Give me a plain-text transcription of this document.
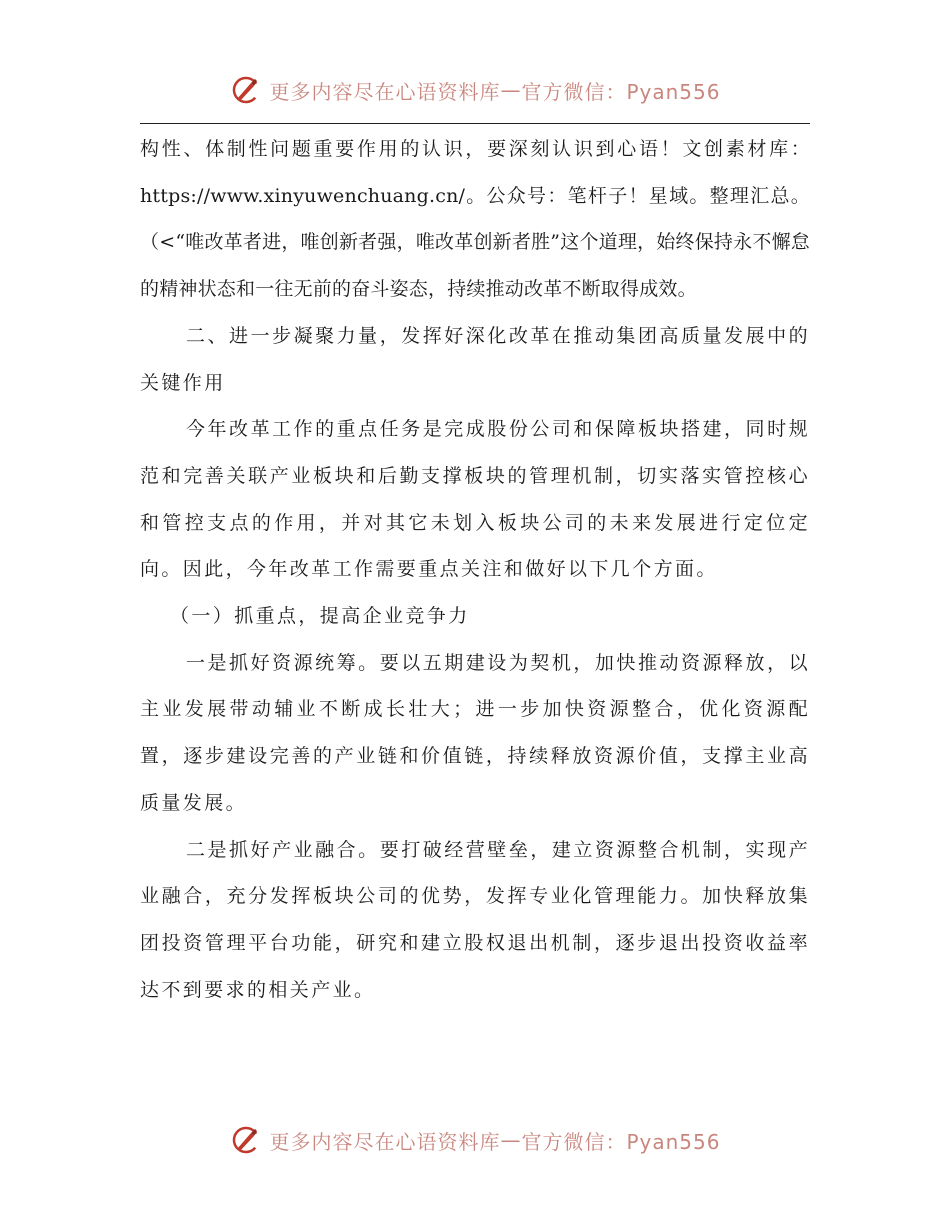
更多内容尽在心语资料库 — 官方微信：Pyan556

构性、体制性问题重要作用的认识，要深刻认识到心语！文创素材库：https://www.xinyuwenchuang.cn/。公众号：笔杆子！星域。整理汇总。（<“唯改革者进，唯创新者强，唯改革创新者胜”这个道理，始终保持永不懈怠的精神状态和一往无前的奋斗姿态，持续推动改革不断取得成效。

二、进一步凝聚力量，发挥好深化改革在推动集团高质量发展中的关键作用

今年改革工作的重点任务是完成股份公司和保障板块搭建，同时规范和完善关联产业板块和后勤支撑板块的管理机制，切实落实管控核心和管控支点的作用，并对其它未划入板块公司的未来发展进行定位定向。因此，今年改革工作需要重点关注和做好以下几个方面。

（一）抓重点，提高企业竞争力

一是抓好资源统筹。要以五期建设为契机，加快推动资源释放，以主业发展带动辅业不断成长壮大；进一步加快资源整合，优化资源配置，逐步建设完善的产业链和价值链，持续释放资源价值，支撑主业高质量发展。

二是抓好产业融合。要打破经营壁垒，建立资源整合机制，实现产业融合，充分发挥板块公司的优势，发挥专业化管理能力。加快释放集团投资管理平台功能，研究和建立股权退出机制，逐步退出投资收益率达不到要求的相关产业。

更多内容尽在心语资料库 — 官方微信：Pyan556
